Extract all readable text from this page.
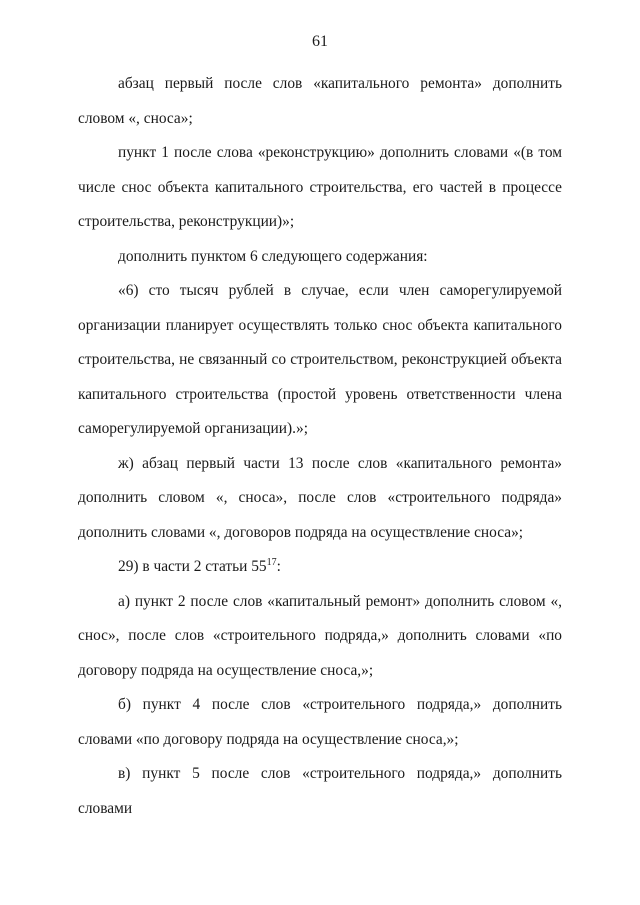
61

абзац первый после слов «капитального ремонта» дополнить словом «, сноса»;

пункт 1 после слова «реконструкцию» дополнить словами «(в том числе снос объекта капитального строительства, его частей в процессе строительства, реконструкции)»;

дополнить пунктом 6 следующего содержания:

«6) сто тысяч рублей в случае, если член саморегулируемой организации планирует осуществлять только снос объекта капитального строительства, не связанный со строительством, реконструкцией объекта капитального строительства (простой уровень ответственности члена саморегулируемой организации).»;

ж) абзац первый части 13 после слов «капитального ремонта» дополнить словом «, сноса», после слов «строительного подряда» дополнить словами «, договоров подряда на осуществление сноса»;

29) в части 2 статьи $55^{17}$:

а) пункт 2 после слов «капитальный ремонт» дополнить словом «, снос», после слов «строительного подряда,» дополнить словами «по договору подряда на осуществление сноса,»;

б) пункт 4 после слов «строительного подряда,» дополнить словами «по договору подряда на осуществление сноса,»;

в) пункт 5 после слов «строительного подряда,» дополнить словами
